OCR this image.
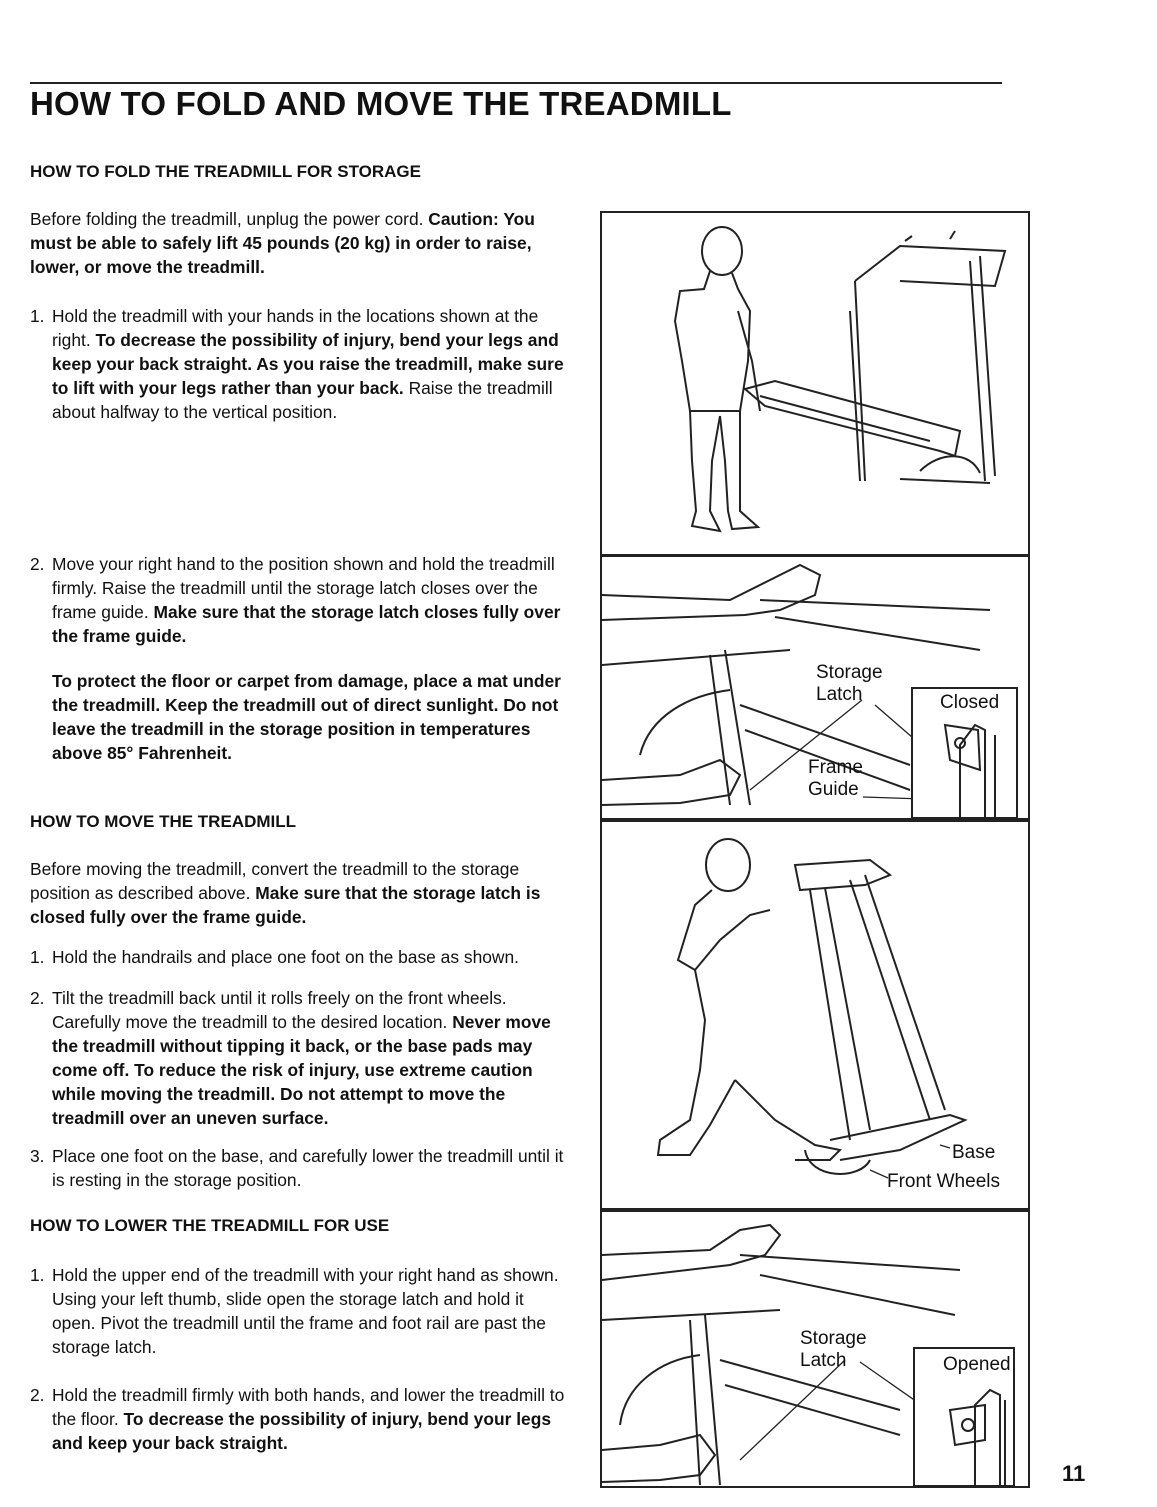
HOW TO FOLD AND MOVE THE TREADMILL
HOW TO FOLD THE TREADMILL FOR STORAGE

Before folding the treadmill, unplug the power cord. Caution: You must be able to safely lift 45 pounds (20 kg) in order to raise, lower, or move the treadmill.

1. Hold the treadmill with your hands in the locations shown at the right. To decrease the possibility of injury, bend your legs and keep your back straight. As you raise the treadmill, make sure to lift with your legs rather than your back. Raise the treadmill about halfway to the vertical position.
2. Move your right hand to the position shown and hold the treadmill firmly. Raise the treadmill until the storage latch closes over the frame guide. Make sure that the storage latch closes fully over the frame guide.
To protect the floor or carpet from damage, place a mat under the treadmill. Keep the treadmill out of direct sunlight. Do not leave the treadmill in the storage position in temperatures above 85° Fahrenheit.
HOW TO MOVE THE TREADMILL

Before moving the treadmill, convert the treadmill to the storage position as described above. Make sure that the storage latch is closed fully over the frame guide.

1. Hold the handrails and place one foot on the base as shown.
2. Tilt the treadmill back until it rolls freely on the front wheels. Carefully move the treadmill to the desired location. Never move the treadmill without tipping it back, or the base pads may come off. To reduce the risk of injury, use extreme caution while moving the treadmill. Do not attempt to move the treadmill over an uneven surface.
3. Place one foot on the base, and carefully lower the treadmill until it is resting in the storage position.
HOW TO LOWER THE TREADMILL FOR USE
1. Hold the upper end of the treadmill with your right hand as shown. Using your left thumb, slide open the storage latch and hold it open. Pivot the treadmill until the frame and foot rail are past the storage latch.
2. Hold the treadmill firmly with both hands, and lower the treadmill to the floor. To decrease the possibility of injury, bend your legs and keep your back straight.
Storage
Latch
Frame
Guide
Closed
Base
Front Wheels
Storage
Latch	Opened
11
